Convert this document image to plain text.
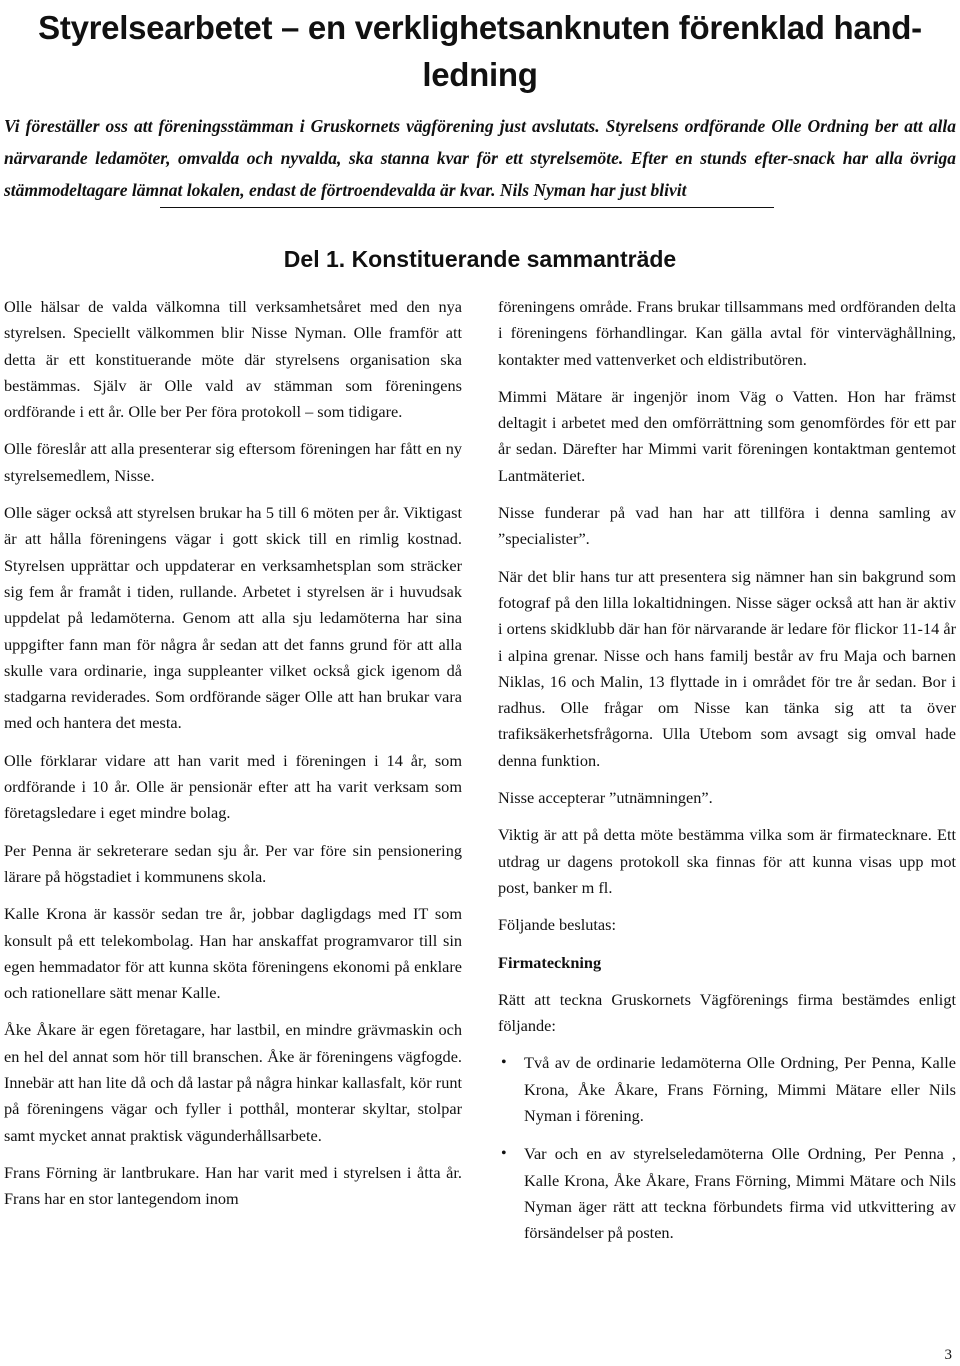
Styrelsearbetet – en verklighetsanknuten förenklad hand-ledning

Vi föreställer oss att föreningsstämman i Gruskornets vägförening just avslutats. Styrelsens ordförande Olle Ordning ber att alla närvarande ledamöter, omvalda och nyvalda, ska stanna kvar för ett styrelsemöte. Efter en stunds efter-snack har alla övriga stämmodeltagare lämnat lokalen, endast de förtroendevalda är kvar. Nils Nyman har just blivit

Del 1. Konstituerande sammanträde

Olle hälsar de valda välkomna till verksamhetsåret med den nya styrelsen. Speciellt välkommen blir Nisse Nyman. Olle framför att detta är ett konstituerande möte där styrelsens organisation ska bestämmas. Själv är Olle vald av stämman som föreningens ordförande i ett år. Olle ber Per föra protokoll – som tidigare.

Olle föreslår att alla presenterar sig eftersom föreningen har fått en ny styrelsemedlem, Nisse.

Olle säger också att styrelsen brukar ha 5 till 6 möten per år. Viktigast är att hålla föreningens vägar i gott skick till en rimlig kostnad. Styrelsen upprättar och uppdaterar en verksamhetsplan som sträcker sig fem år framåt i tiden, rullande. Arbetet i styrelsen är i huvudsak uppdelat på ledamöterna. Genom att alla sju ledamöterna har sina uppgifter fann man för några år sedan att det fanns grund för att alla skulle vara ordinarie, inga suppleanter vilket också gick igenom då stadgarna reviderades. Som ordförande säger Olle att han brukar vara med och hantera det mesta.

Olle förklarar vidare att han varit med i föreningen i 14 år, som ordförande i 10 år. Olle är pensionär efter att ha varit verksam som företagsledare i eget mindre bolag.

Per Penna är sekreterare sedan sju år. Per var före sin pensionering lärare på högstadiet i kommunens skola.

Kalle Krona är kassör sedan tre år, jobbar dagligdags med IT som konsult på ett telekombolag. Han har anskaffat programvaror till sin egen hemmadator för att kunna sköta föreningens ekonomi på enklare och rationellare sätt menar Kalle.

Åke Åkare är egen företagare, har lastbil, en mindre grävmaskin och en hel del annat som hör till branschen. Åke är föreningens vägfogde. Innebär att han lite då och då lastar på några hinkar kallasfalt, kör runt på föreningens vägar och fyller i potthål, monterar skyltar, stolpar samt mycket annat praktisk vägunderhållsarbete.

Frans Förning är lantbrukare. Han har varit med i styrelsen i åtta år. Frans har en stor lantegendom inom

föreningens område. Frans brukar tillsammans med ordföranden delta i föreningens förhandlingar. Kan gälla avtal för vinterväghållning, kontakter med vattenverket och eldistributören.

Mimmi Mätare är ingenjör inom Väg o Vatten. Hon har främst deltagit i arbetet med den omförrättning som genomfördes för ett par år sedan. Därefter har Mimmi varit föreningen kontaktman gentemot Lantmäteriet.

Nisse funderar på vad han har att tillföra i denna samling av ”specialister”.

När det blir hans tur att presentera sig nämner han sin bakgrund som fotograf på den lilla lokaltidningen. Nisse säger också att han är aktiv i ortens skidklubb där han för närvarande är ledare för flickor 11-14 år i alpina grenar. Nisse och hans familj består av fru Maja och barnen Niklas, 16 och Malin, 13 flyttade in i området för tre år sedan. Bor i radhus. Olle frågar om Nisse kan tänka sig att ta över trafiksäkerhetsfrågorna. Ulla Utebom som avsagt sig omval hade denna funktion.

Nisse accepterar ”utnämningen”.

Viktig är att på detta möte bestämma vilka som är firmatecknare. Ett utdrag ur dagens protokoll ska finnas för att kunna visas upp mot post, banker m fl.

Följande beslutas:

Firmateckning

Rätt att teckna Gruskornets Vägförenings firma bestämdes enligt följande:

• Två av de ordinarie ledamöterna Olle Ordning, Per Penna, Kalle Krona, Åke Åkare, Frans Förning, Mimmi Mätare eller Nils Nyman i förening.
• Var och en av styrelseledamöterna Olle Ordning, Per Penna , Kalle Krona, Åke Åkare, Frans Förning, Mimmi Mätare och Nils Nyman äger rätt att teckna förbundets firma vid utkvittering av försändelser på posten.

3
